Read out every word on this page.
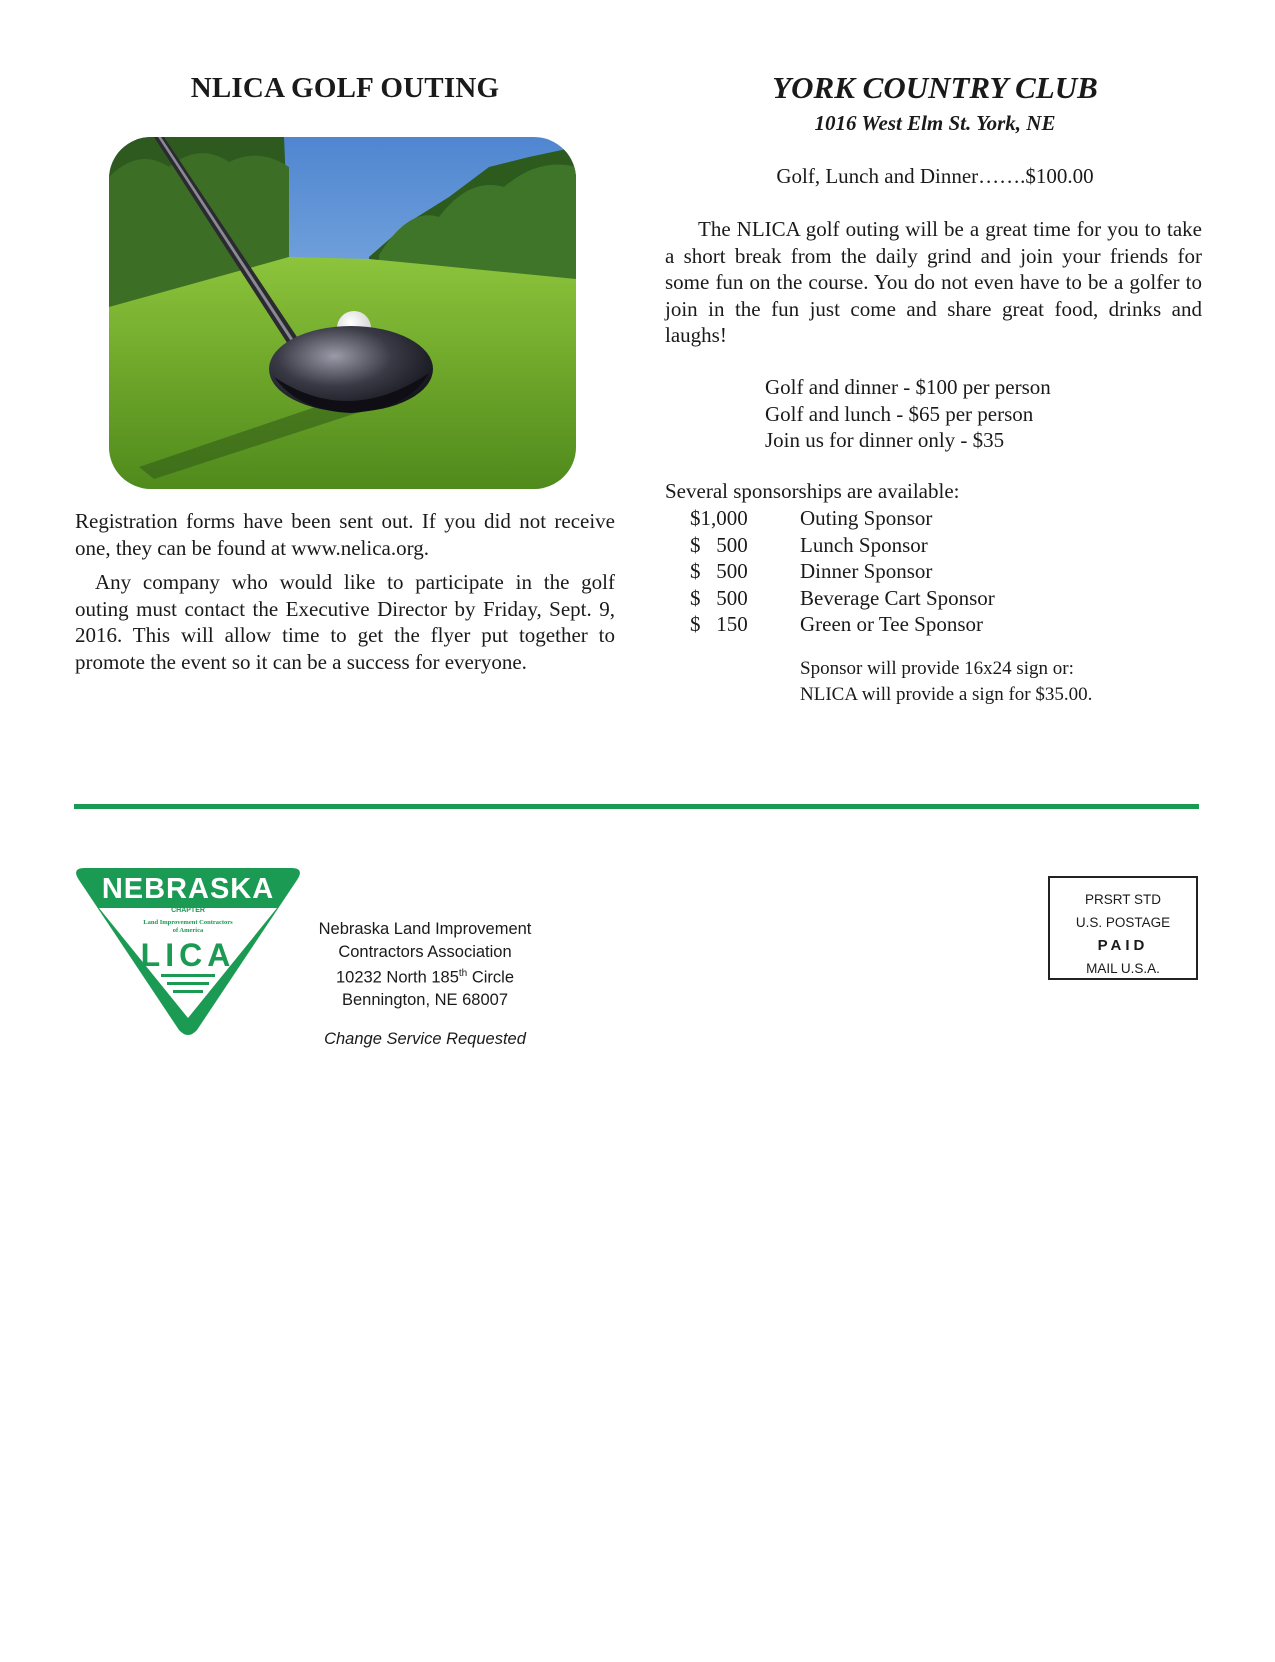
NLICA GOLF OUTING

Registration forms have been sent out. If you did not receive one, they can be found at www.nelica.org.

Any company who would like to participate in the golf outing must contact the Executive Director by Friday, Sept. 9, 2016. This will allow time to get the flyer put together to promote the event so it can be a success for everyone.

YORK COUNTRY CLUB
1016 West Elm St. York, NE
Golf, Lunch and Dinner…….$100.00

The NLICA golf outing will be a great time for you to take a short break from the daily grind and join your friends for some fun on the course. You do not even have to be a golfer to join in the fun just come and share great food, drinks and laughs!

Golf and dinner - $100 per person
Golf and lunch - $65 per person
Join us for dinner only - $35
Several sponsorships are available:
$1,000	Outing Sponsor
$   500	Lunch Sponsor
$   500	Dinner Sponsor
$   500	Beverage Cart Sponsor
$   150	Green or Tee Sponsor
Sponsor will provide 16x24 sign or:
NLICA will provide a sign for $35.00.
NEBRASKA
CHAPTER
Land Improvement Contractors
of America
LICA
Nebraska Land Improvement
Contractors Association
10232 North 185th Circle
Bennington, NE 68007
Change Service Requested
PRSRT STD
U.S. POSTAGE
PAID
MAIL U.S.A.
